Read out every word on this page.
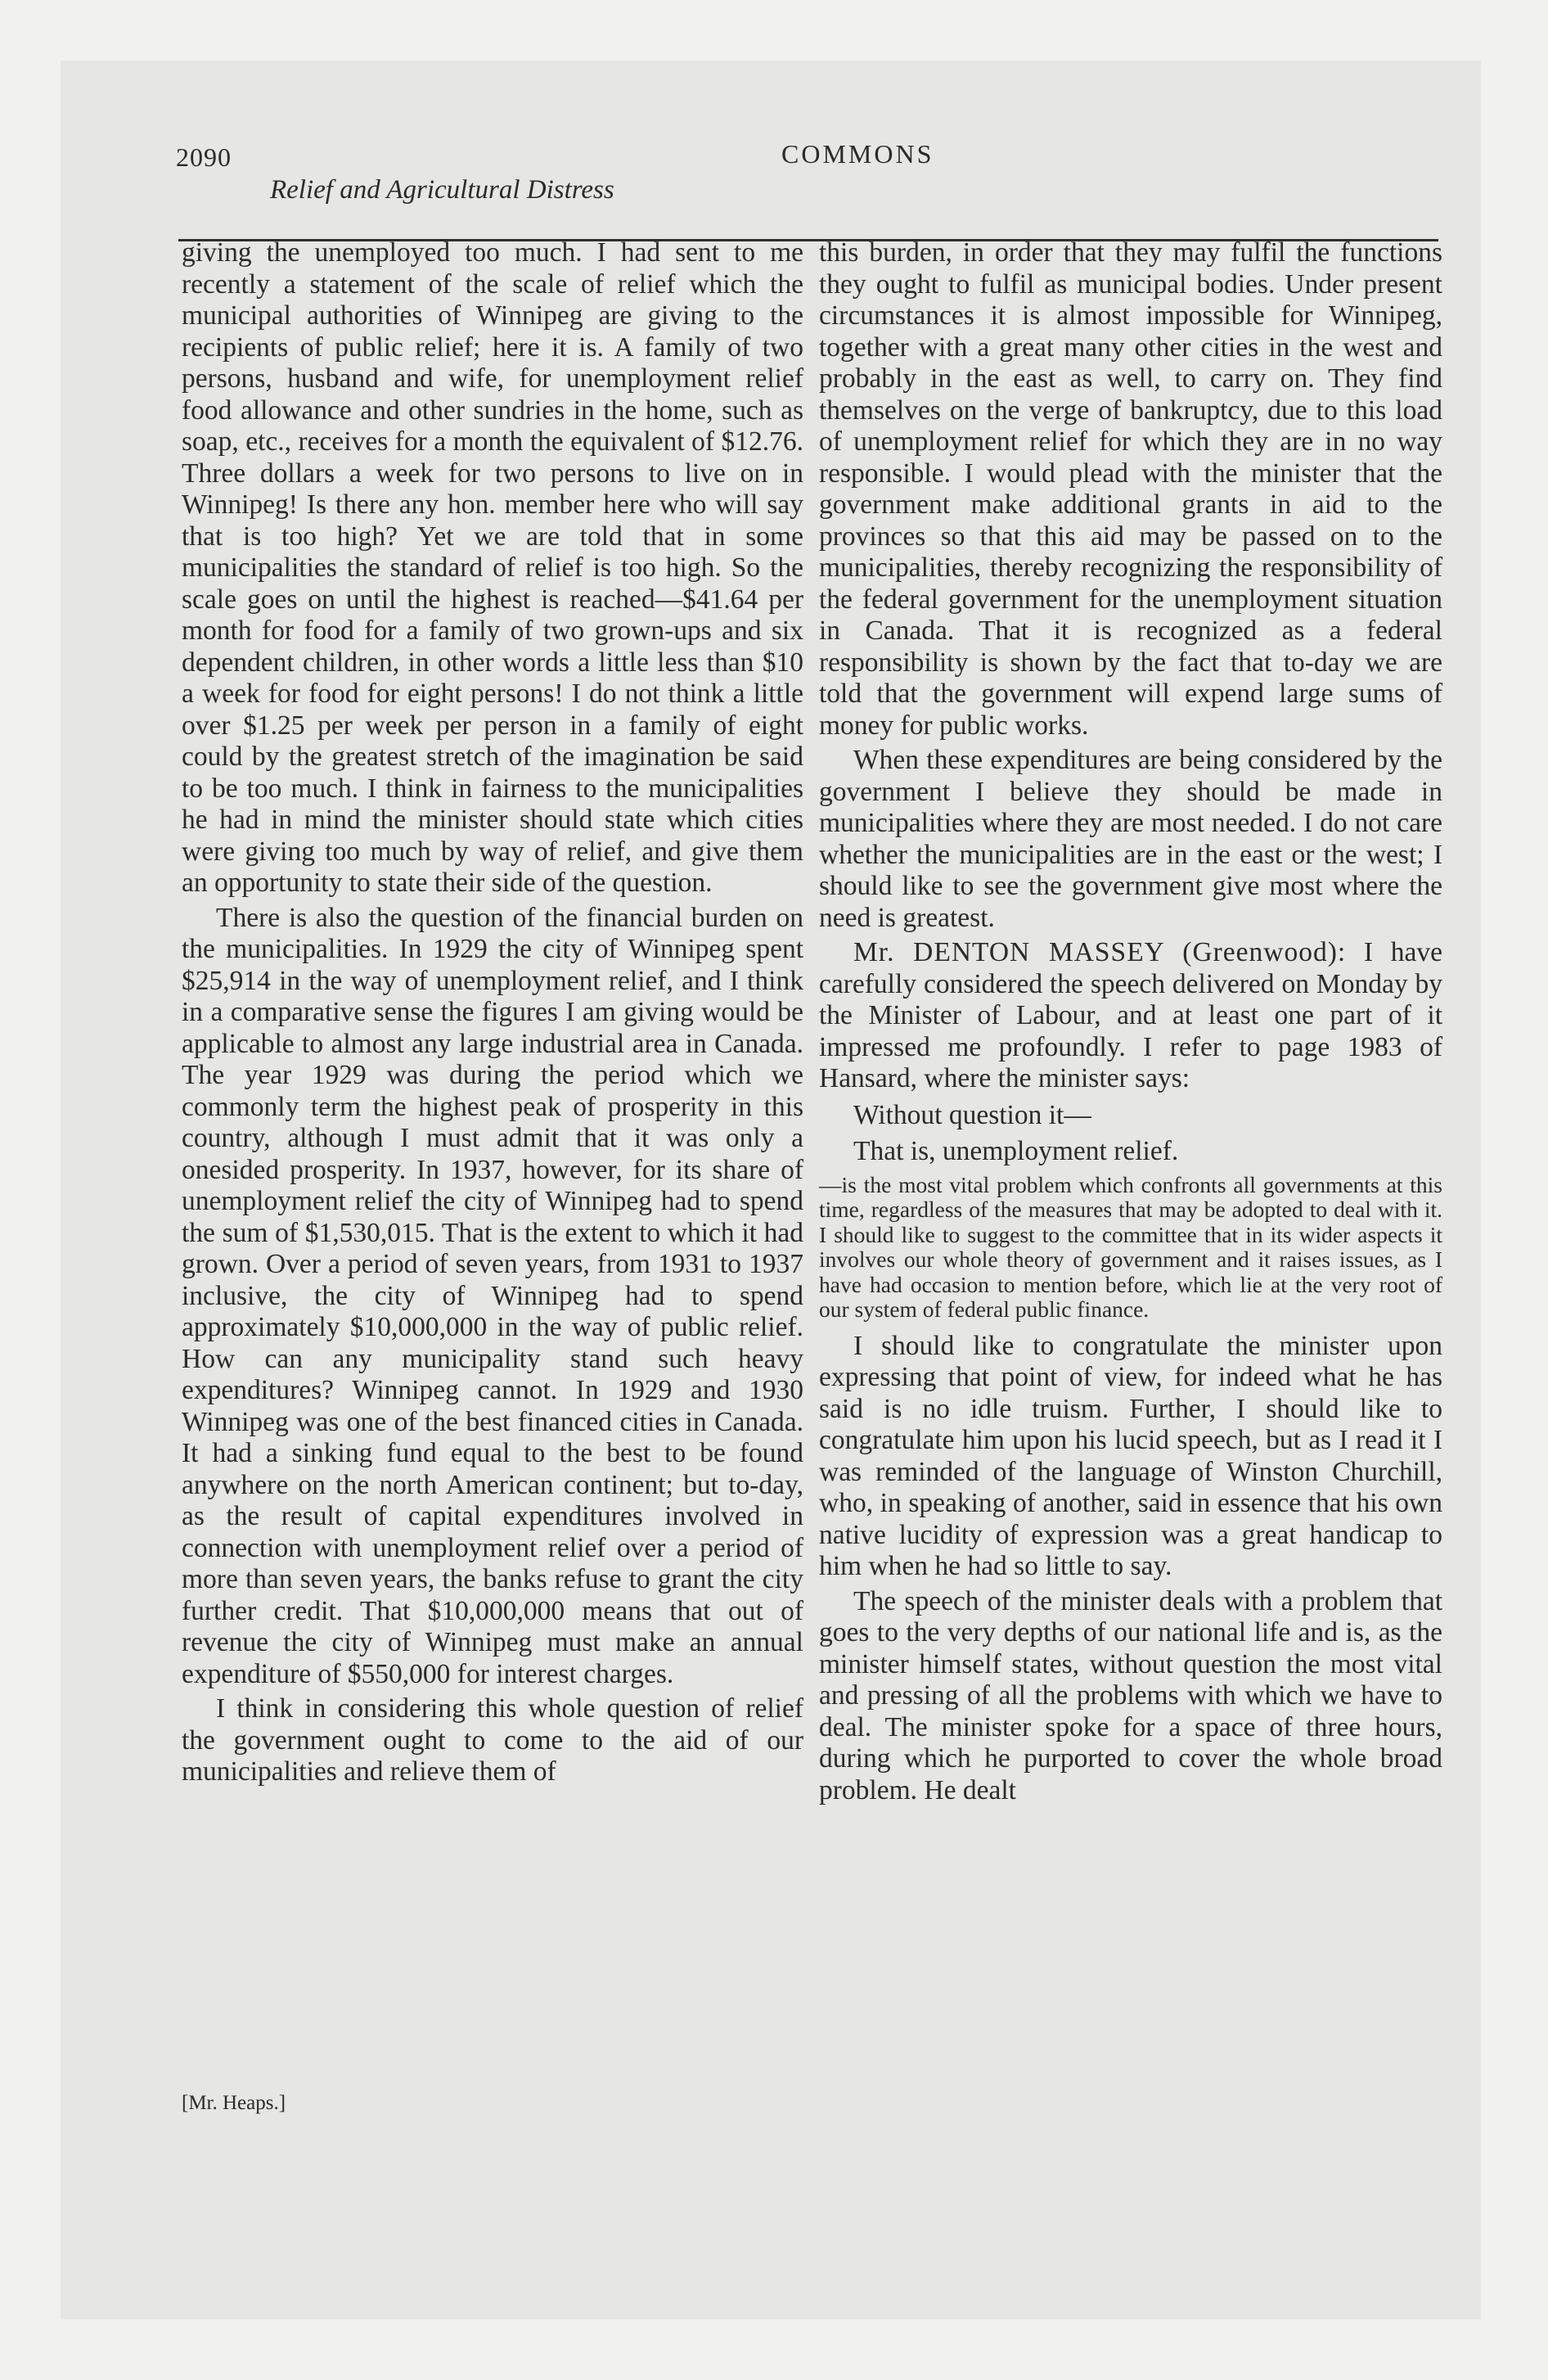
2090	COMMONS
Relief and Agricultural Distress

giving the unemployed too much. I had sent to me recently a statement of the scale of relief which the municipal authorities of Winnipeg are giving to the recipients of public relief; here it is. A family of two persons, husband and wife, for unemployment relief food allowance and other sundries in the home, such as soap, etc., receives for a month the equivalent of $12.76. Three dollars a week for two persons to live on in Winnipeg! Is there any hon. member here who will say that is too high? Yet we are told that in some municipalities the standard of relief is too high. So the scale goes on until the highest is reached—$41.64 per month for food for a family of two grown-ups and six dependent children, in other words a little less than $10 a week for food for eight persons! I do not think a little over $1.25 per week per person in a family of eight could by the greatest stretch of the imagination be said to be too much. I think in fairness to the municipalities he had in mind the minister should state which cities were giving too much by way of relief, and give them an opportunity to state their side of the question.

There is also the question of the financial burden on the municipalities. In 1929 the city of Winnipeg spent $25,914 in the way of unemployment relief, and I think in a comparative sense the figures I am giving would be applicable to almost any large industrial area in Canada. The year 1929 was during the period which we commonly term the highest peak of prosperity in this country, although I must admit that it was only a onesided prosperity. In 1937, however, for its share of unemployment relief the city of Winnipeg had to spend the sum of $1,530,015. That is the extent to which it had grown. Over a period of seven years, from 1931 to 1937 inclusive, the city of Winnipeg had to spend approximately $10,000,000 in the way of public relief. How can any municipality stand such heavy expenditures? Winnipeg cannot. In 1929 and 1930 Winnipeg was one of the best financed cities in Canada. It had a sinking fund equal to the best to be found anywhere on the north American continent; but to-day, as the result of capital expenditures involved in connection with unemployment relief over a period of more than seven years, the banks refuse to grant the city further credit. That $10,000,000 means that out of revenue the city of Winnipeg must make an annual expenditure of $550,000 for interest charges.

I think in considering this whole question of relief the government ought to come to the aid of our municipalities and relieve them of

this burden, in order that they may fulfil the functions they ought to fulfil as municipal bodies. Under present circumstances it is almost impossible for Winnipeg, together with a great many other cities in the west and probably in the east as well, to carry on. They find themselves on the verge of bankruptcy, due to this load of unemployment relief for which they are in no way responsible. I would plead with the minister that the government make additional grants in aid to the provinces so that this aid may be passed on to the municipalities, thereby recognizing the responsibility of the federal government for the unemployment situation in Canada. That it is recognized as a federal responsibility is shown by the fact that to-day we are told that the government will expend large sums of money for public works.

When these expenditures are being considered by the government I believe they should be made in municipalities where they are most needed. I do not care whether the municipalities are in the east or the west; I should like to see the government give most where the need is greatest.

Mr. DENTON MASSEY (Greenwood): I have carefully considered the speech delivered on Monday by the Minister of Labour, and at least one part of it impressed me profoundly. I refer to page 1983 of Hansard, where the minister says:

Without question it—

That is, unemployment relief.

—is the most vital problem which confronts all governments at this time, regardless of the measures that may be adopted to deal with it. I should like to suggest to the committee that in its wider aspects it involves our whole theory of government and it raises issues, as I have had occasion to mention before, which lie at the very root of our system of federal public finance.

I should like to congratulate the minister upon expressing that point of view, for indeed what he has said is no idle truism. Further, I should like to congratulate him upon his lucid speech, but as I read it I was reminded of the language of Winston Churchill, who, in speaking of another, said in essence that his own native lucidity of expression was a great handicap to him when he had so little to say.

The speech of the minister deals with a problem that goes to the very depths of our national life and is, as the minister himself states, without question the most vital and pressing of all the problems with which we have to deal. The minister spoke for a space of three hours, during which he purported to cover the whole broad problem. He dealt

[Mr. Heaps.]
